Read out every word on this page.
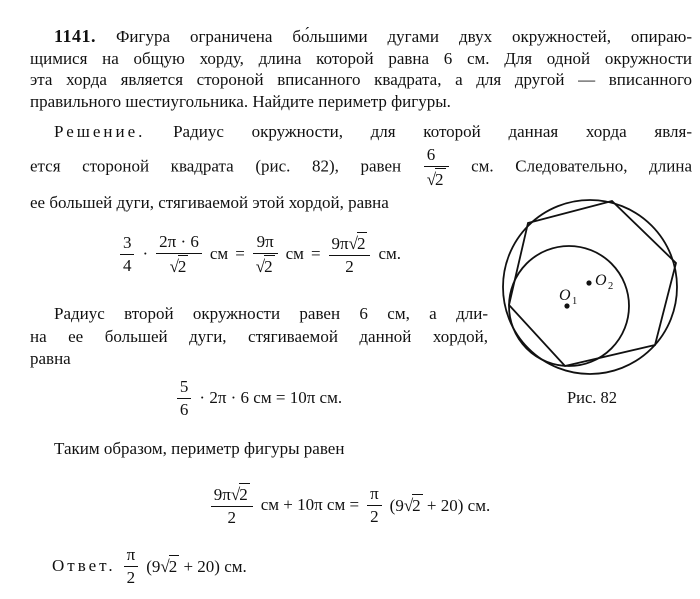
1141. Фигура ограничена бо́льшими дугами двух окружностей, опираю-
щимися на общую хорду, длина которой равна 6 см. Для одной окружности
эта хорда является стороной вписанного квадрата, а для другой — вписанного
правильного шестиугольника. Найдите периметр фигуры.
Решение. Радиус окружности, для которой данная хорда явля-
ется стороной квадрата (рис. 82), равен $\frac{6}{√2}$ см. Следовательно, длина
ее большей дуги, стягиваемой этой хордой, равна
$\frac{3}{4} \cdot \frac{2\pi \cdot 6}{√2}$ см = $\frac{9\pi}{√2}$ см = $\frac{9\pi√2}{2}$ см.
Радиус второй окружности равен 6 см, а дли-
на ее большей дуги, стягиваемой данной хордой,
равна
$\frac{5}{6} \cdot 2\pi \cdot 6$ см = 10π см.
Таким образом, периметр фигуры равен
$\frac{9\pi√2}{2}$ см + 10π см = $\frac{\pi}{2} (9√2 + 20)$ см.
Ответ. $\frac{\pi}{2} (9√2 + 20)$ см.
O 1
O 2
Рис. 82
